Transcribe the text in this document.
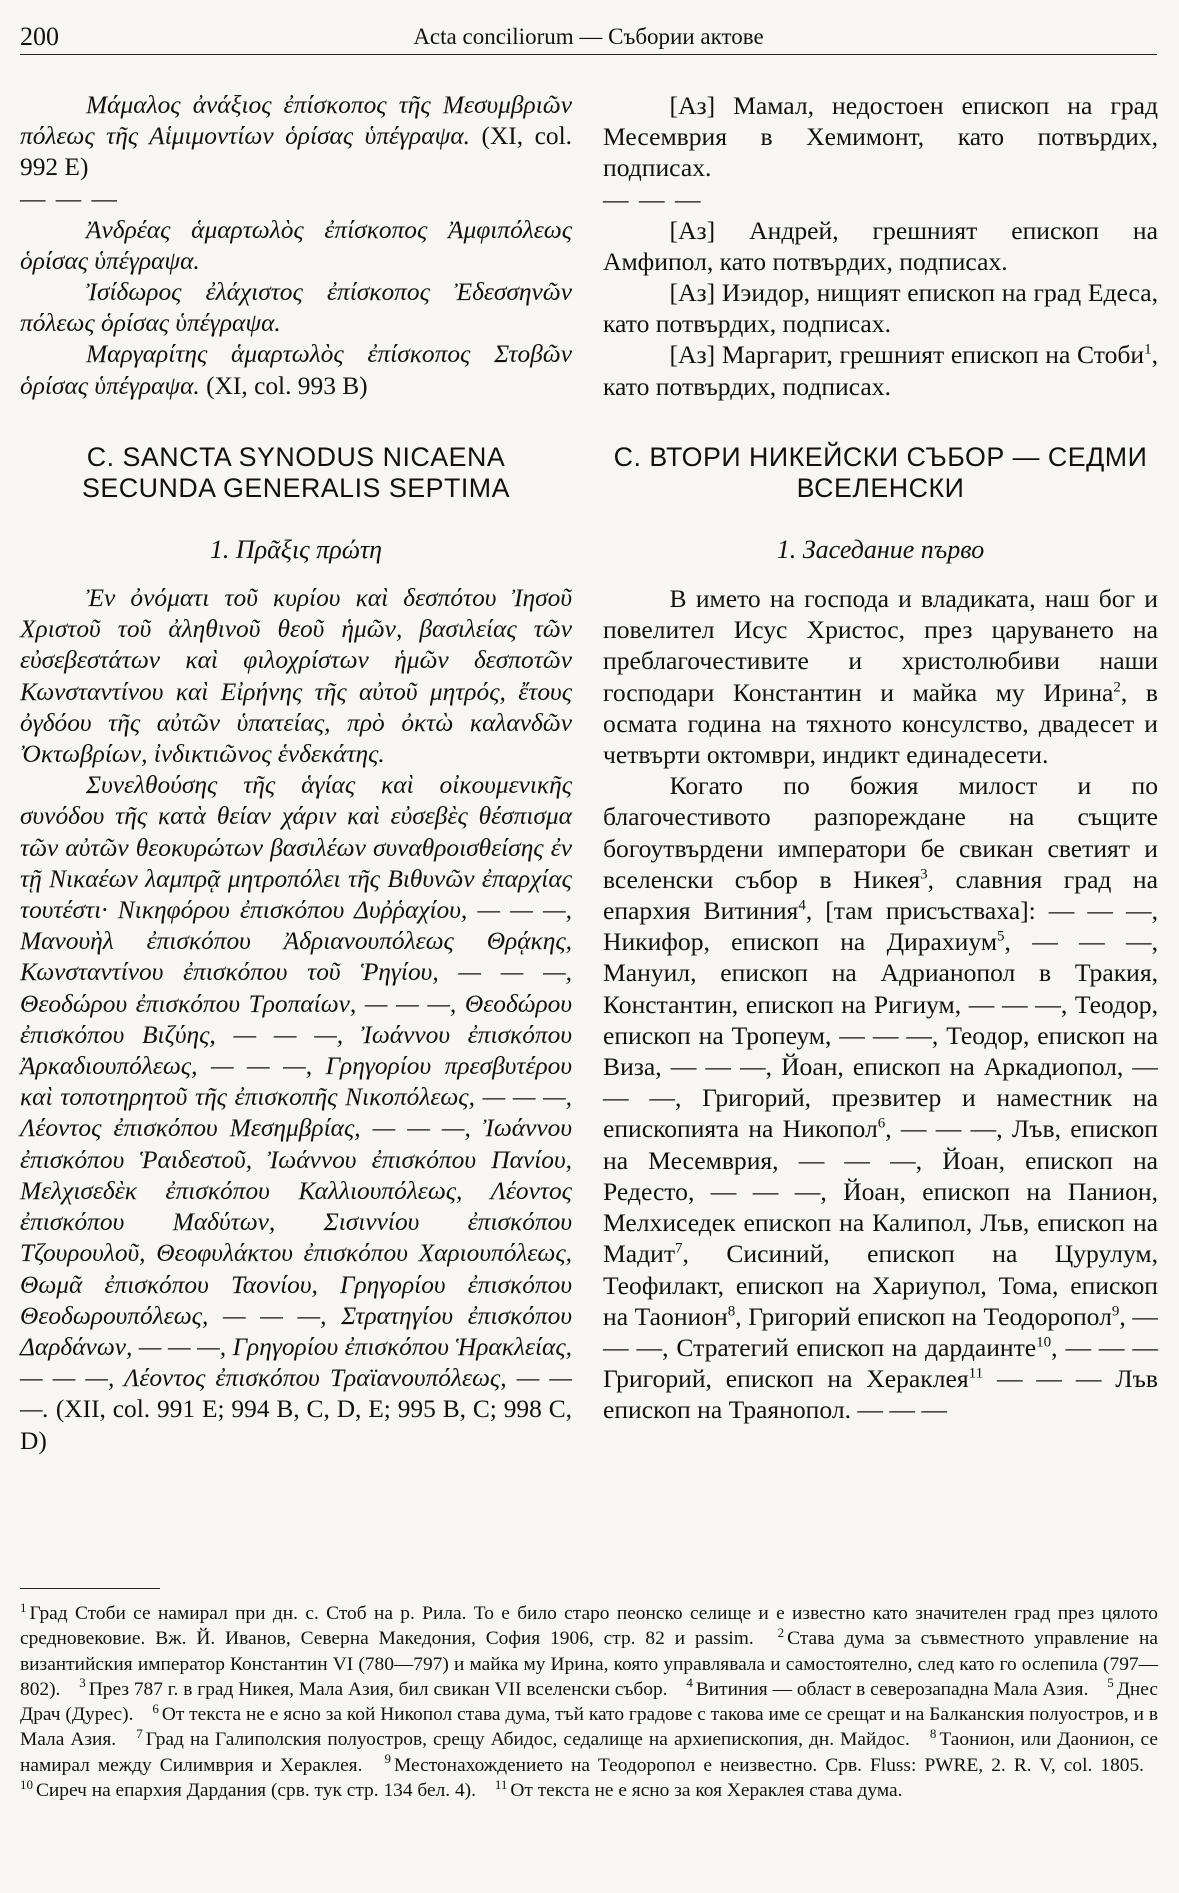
200	Acta conciliorum — Събории актове

Μάμαλος ἀνάξιος ἐπίσκοπος τῆς Μεσυμβριῶν πόλεως τῆς Αἱμιμοντίων ὁρίσας ὑπέγραψα. (XI, col. 992 E)

— — —

Ἀνδρέας ἁμαρτωλὸς ἐπίσκοπος Ἀμφιπόλεως ὁρίσας ὑπέγραψα.

Ἰσίδωρος ἐλάχιστος ἐπίσκοπος Ἐδεσσηνῶν πόλεως ὁρίσας ὑπέγραψα.

Μαργαρίτης ἁμαρτωλὸς ἐπίσκοπος Στοβῶν ὁρίσας ὑπέγραψα. (XI, col. 993 B)

C. SANCTA SYNODUS NICAENA SECUNDA GENERALIS SEPTIMA

1. Πρᾶξις πρώτη

Ἐν ὀνόματι τοῦ κυρίου καὶ δεσπότου Ἰησοῦ Χριστοῦ τοῦ ἀληθινοῦ θεοῦ ἡμῶν, βασιλείας τῶν εὐσεβεστάτων καὶ φιλοχρίστων ἡμῶν δεσποτῶν Κωνσταντίνου καὶ Εἰρήνης τῆς αὐτοῦ μητρός, ἔτους ὀγδόου τῆς αὐτῶν ὑπατείας, πρὸ ὀκτὼ καλανδῶν Ὀκτωβρίων, ἰνδικτιῶνος ἑνδεκάτης.

Συνελθούσης τῆς ἁγίας καὶ οἰκουμενικῆς συνόδου τῆς κατὰ θείαν χάριν καὶ εὐσεβὲς θέσπισμα τῶν αὐτῶν θεοκυρώτων βασιλέων συναθροισθείσης ἐν τῇ Νικαέων λαμπρᾷ μητροπόλει τῆς Βιθυνῶν ἐπαρχίας τουτέστι· Νικηφόρου ἐπισκόπου Δυῤῥαχίου, — — —, Μανουὴλ ἐπισκόπου Ἀδριανουπόλεως Θρᾴκης, Κωνσταντίνου ἐπισκόπου τοῦ Ῥηγίου, — — —, Θεοδώρου ἐπισκόπου Τροπαίων, — — —, Θεοδώρου ἐπισκόπου Βιζύης, — — —, Ἰωάννου ἐπισκόπου Ἀρκαδιουπόλεως, — — —, Γρηγορίου πρεσβυτέρου καὶ τοποτηρητοῦ τῆς ἐπισκοπῆς Νικοπόλεως, — — —, Λέοντος ἐπισκόπου Μεσημβρίας, — — —, Ἰωάννου ἐπισκόπου Ῥαιδεστοῦ, Ἰωάννου ἐπισκόπου Πανίου, Μελχισεδὲκ ἐπισκόπου Καλλιουπόλεως, Λέοντος ἐπισκόπου Μαδύτων, Σισιννίου ἐπισκόπου Τζουρουλοῦ, Θεοφυλάκτου ἐπισκόπου Χαριουπόλεως, Θωμᾶ ἐπισκόπου Ταονίου, Γρηγορίου ἐπισκόπου Θεοδωρουπόλεως, — — —, Στρατηγίου ἐπισκόπου Δαρδάνων, — — —, Γρηγορίου ἐπισκόπου Ἡρακλείας, — — —, Λέοντος ἐπισκόπου Τραϊανουπόλεως, — — —. (XII, col. 991 E; 994 B, C, D, E; 995 B, C; 998 C, D)

[Аз] Мамал, недостоен епископ на град Месемврия в Хемимонт, като потвърдих, подписах.

— — —

[Аз] Андрей, грешният епископ на Амфипол, като потвърдих, подписах.

[Аз] Иэидор, нищият епископ на град Едеса, като потвърдих, подписах.

[Аз] Маргарит, грешният епископ на Стоби$^1$, като потвърдих, подписах.

C. ВТОРИ НИКЕЙСКИ СЪБОР — СЕДМИ ВСЕЛЕНСКИ

1. Заседание първо

В името на господа и владиката, наш бог и повелител Исус Христос, през царуването на преблагочестивите и христолюбиви наши господари Константин и майка му Ирина$^2$, в осмата година на тяхното консулство, двадесет и четвърти октомври, индикт единадесети.

Когато по божия милост и по благочестивото разпореждане на същите богоутвърдени императори бе свикан светият и вселенски събор в Никея$^3$, славния град на епархия Витиния$^4$, [там присъстваха]: — — —, Никифор, епископ на Дирахиум$^5$, — — —, Мануил, епископ на Адрианопол в Тракия, Константин, епископ на Ригиум, — — —, Теодор, епископ на Тропеум, — — —, Теодор, епископ на Виза, — — —, Йоан, епископ на Аркадиопол, — — —, Григорий, презвитер и наместник на епископията на Никопол$^6$, — — —, Лъв, епископ на Месемврия, — — —, Йоан, епископ на Редесто, — — —, Йоан, епископ на Панион, Мелхиседек епископ на Калипол, Лъв, епископ на Мадит$^7$, Сисиний, епископ на Цурулум, Теофилакт, епископ на Хариупол, Тома, епископ на Таонион$^8$, Григорий епископ на Теодоропол$^9$, — — —, Стратегий епископ на дардаинте$^{10}$, — — — Григорий, епископ на Хераклея$^{11}$ — — — Лъв епископ на Траянопол. — — —

$^1$ Град Стоби се намирал при дн. с. Стоб на р. Рила. То е било старо пеонско селище и е известно като значителен град през цялото средновековие. Вж. Й. Иванов, Северна Македония, София 1906, стр. 82 и passim. $^2$ Става дума за съвместното управление на византийския император Константин VI (780—797) и майка му Ирина, която управлявала и самостоятелно, след като го ослепила (797—802). $^3$ През 787 г. в град Никея, Мала Азия, бил свикан VII вселенски събор. $^4$ Витиния — област в северозападна Мала Азия. $^5$ Днес Драч (Дурес). $^6$ От текста не е ясно за кой Никопол става дума, тъй като градове с такова име се срещат и на Балканския полуостров, и в Мала Азия. $^7$ Град на Галиполския полуостров, срещу Абидос, седалище на архиепископия, дн. Майдос. $^8$ Таонион, или Даонион, се намирал между Силимврия и Хераклея. $^9$ Местонахождението на Теодоропол е неизвестно. Срв. Fluss: PWRE, 2. R. V, col. 1805. $^{10}$ Сиреч на епархия Дардания (срв. тук стр. 134 бел. 4). $^{11}$ От текста не е ясно за коя Хераклея става дума.
